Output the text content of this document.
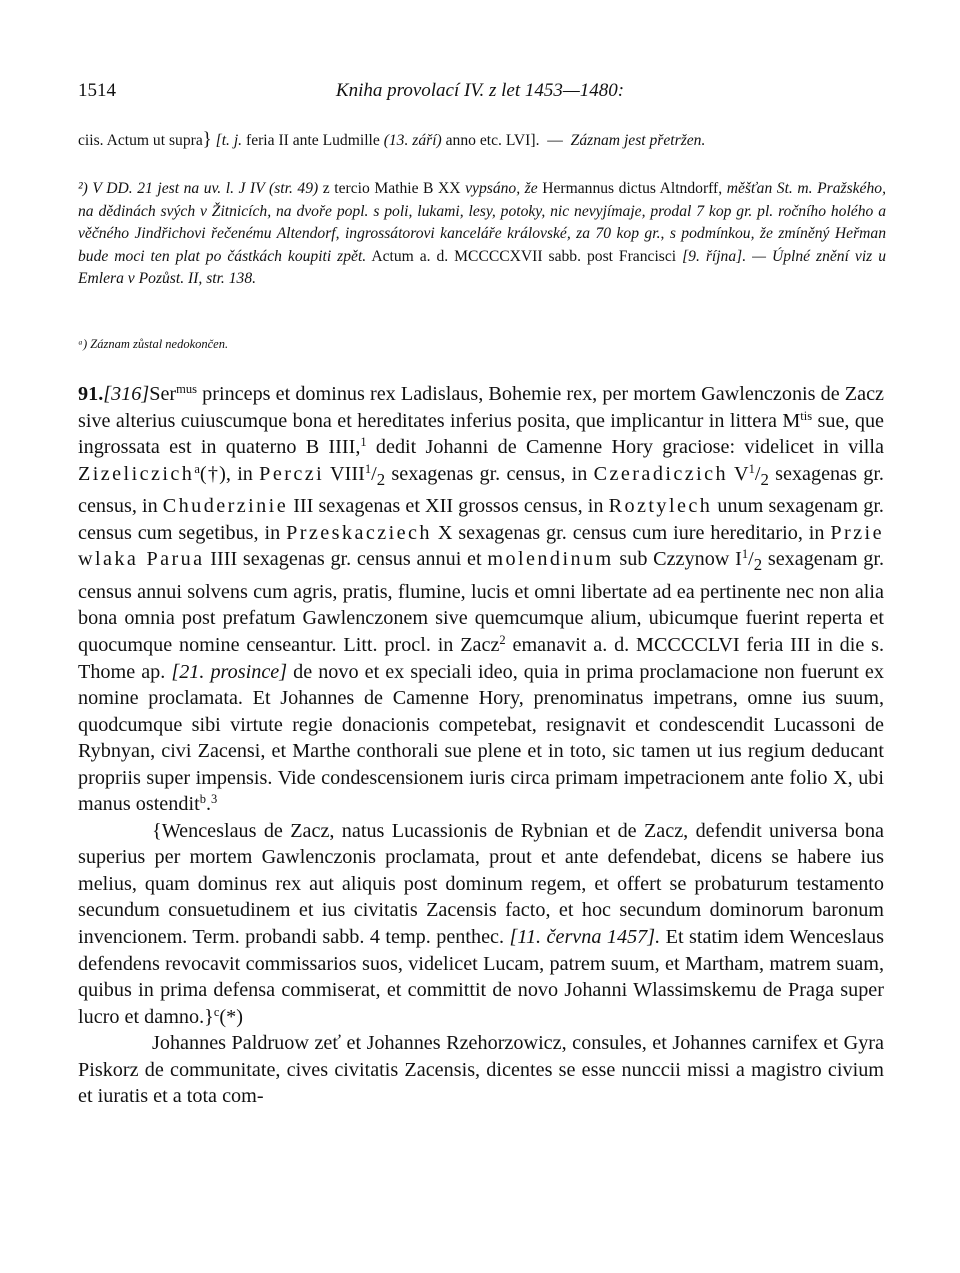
1514	Kniha provolací IV. z let 1453—1480:

ciis. Actum ut supra} [t. j. feria II ante Ludmille (13. září) anno etc. LVI]. — Záznam jest přetržen.

²) V DD. 21 jest na uv. l. J IV (str. 49) z tercio Mathie B XX vypsáno, že Hermannus dictus Altndorff, měšťan St. m. Pražského, na dědinách svých v Žitnicích, na dvoře popl. s poli, lukami, lesy, potoky, nic nevyjímaje, prodal 7 kop gr. pl. ročního holého a věčného Jindřichovi řečenému Altendorf, ingrossátorovi kanceláře královské, za 70 kop gr., s podmínkou, že zmíněný Heřman bude moci ten plat po částkách koupiti zpět. Actum a. d. MCCCCXVII sabb. post Francisci [9. října]. — Úplné znění viz u Emlera v Pozůst. II, str. 138.

ᵃ) Záznam zůstal nedokončen.

91.[316]Ser$^{mus}$ princeps et dominus rex Ladislaus, Bohemie rex, per mortem Gawlenczonis de Zacz sive alterius cuiuscumque bona et hereditates inferius posita, que implicantur in littera $M^{tis}$ sue, que ingrossata est in quaterno B IIII,$^1$ dedit Johanni de Camenne Hory graciose: videlicet in villa Zizeliczich$^a$(†), in Perczi $VIII^1/_2$ sexagenas gr. census, in Czeradiczich $V^1/_2$ sexagenas gr. census, in Chuderzinie III sexagenas et XII grossos census, in Roztylech unum sexagenam gr. census cum segetibus, in Przeskacziech X sexagenas gr. census cum iure hereditario, in Przie wlaka Parua IIII sexagenas gr. census annui et molendinum sub Czzynow $I^1/_2$ sexagenam gr. census annui solvens cum agris, pratis, flumine, lucis et omni libertate ad ea pertinente nec non alia bona omnia post prefatum Gawlenczonem sive quemcumque alium, ubicumque fuerint reperta et quocumque nomine censeantur. Litt. procl. in Zacz$^2$ emanavit a. d. MCCCCLVI feria III in die s. Thome ap. [21. prosince] de novo et ex speciali ideo, quia in prima proclamacione non fuerunt ex nomine proclamata. Et Johannes de Camenne Hory, prenominatus impetrans, omne ius suum, quodcumque sibi virtute regie donacionis competebat, resignavit et condescendit Lucassoni de Rybnyan, civi Zacensi, et Marthe conthorali sue plene et in toto, sic tamen ut ius regium deducant propriis super impensis. Vide condescensionem iuris circa primam impetracionem ante folio X, ubi manus ostendit$^b$.$^3$

{Wenceslaus de Zacz, natus Lucassionis de Rybnian et de Zacz, defendit universa bona superius per mortem Gawlenczonis proclamata, prout et ante defendebat, dicens se habere ius melius, quam dominus rex aut aliquis post dominum regem, et offert se probaturum testamento secundum consuetudinem et ius civitatis Zacensis facto, et hoc secundum dominorum baronum invencionem. Term. probandi sabb. 4 temp. penthec. [11. června 1457]. Et statim idem Wenceslaus defendens revocavit commissarios suos, videlicet Lucam, patrem suum, et Martham, matrem suam, quibus in prima defensa commiserat, et committit de novo Johanni Wlassimskemu de Praga super lucro et damno.}$^c$(*)

Johannes Paldruow zeť et Johannes Rzehorzowicz, consules, et Johannes carnifex et Gyra Piskorz de communitate, cives civitatis Zacensis, dicentes se esse nunccii missi a magistro civium et iuratis et a tota com-
